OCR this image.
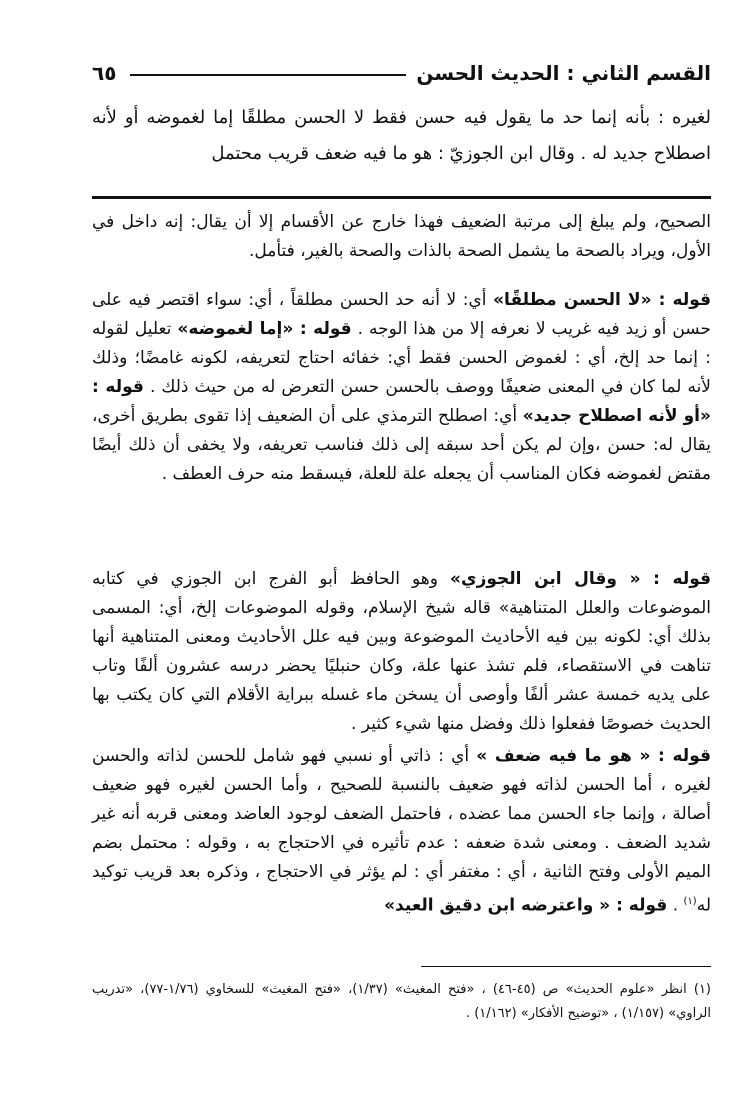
القسم الثاني : الحديث الحسن
٦٥

لغيره : بأنه إنما حد ما يقول فيه حسن فقط لا الحسن مطلقًا إما لغموضه أو لأنه اصطلاح جديد له . وقال ابن الجوزيّ : هو ما فيه ضعف قريب محتمل

الصحيح، ولم يبلغ إلى مرتبة الضعيف فهذا خارج عن الأقسام إلا أن يقال: إنه داخل في الأول، ويراد بالصحة ما يشمل الصحة بالذات والصحة بالغير، فتأمل.

قوله : «لا الحسن مطلقًا» أي: لا أنه حد الحسن مطلقاً ، أي: سواء اقتصر فيه على حسن أو زيد فيه غريب لا نعرفه إلا من هذا الوجه . قوله : «إما لغموضه» تعليل لقوله : إنما حد إلخ، أي : لغموض الحسن فقط أي: خفائه احتاج لتعريفه، لكونه غامضًا؛ وذلك لأنه لما كان في المعنى ضعيفًا ووصف بالحسن حسن التعرض له من حيث ذلك . قوله : «أو لأنه اصطلاح جديد» أي: اصطلح الترمذي على أن الضعيف إذا تقوى بطريق أخرى، يقال له: حسن ،وإن لم يكن أحد سبقه إلى ذلك فناسب تعريفه، ولا يخفى أن ذلك أيضًا مقتض لغموضه فكان المناسب أن يجعله علة للعلة، فيسقط منه حرف العطف .

قوله : « وقال ابن الجوزي» وهو الحافظ أبو الفرج ابن الجوزي في كتابه الموضوعات والعلل المتناهية» قاله شيخ الإسلام، وقوله الموضوعات إلخ، أي: المسمى بذلك أي: لكونه بين فيه الأحاديث الموضوعة وبين فيه علل الأحاديث ومعنى المتناهية أنها تناهت في الاستقصاء، فلم تشذ عنها علة، وكان حنبليًا يحضر درسه عشرون ألفًا وتاب على يديه خمسة عشر ألفًا وأوصى أن يسخن ماء غسله ببراية الأقلام التي كان يكتب بها الحديث خصوصًا ففعلوا ذلك وفضل منها شيء كثير .

قوله : « هو ما فيه ضعف » أي : ذاتي أو نسبي فهو شامل للحسن لذاته والحسن لغيره ، أما الحسن لذاته فهو ضعيف بالنسبة للصحيح ، وأما الحسن لغيره فهو ضعيف أصالة ، وإنما جاء الحسن مما عضده ، فاحتمل الضعف لوجود العاضد ومعنى قربه أنه غير شديد الضعف . ومعنى شدة ضعفه : عدم تأثيره في الاحتجاج به ، وقوله : محتمل بضم الميم الأولى وفتح الثانية ، أي : مغتفر أي : لم يؤثر في الاحتجاج ، وذكره بعد قريب توكيد له$^{(١)}$ . قوله : « واعترضه ابن دقيق العيد»

(١) انظر «علوم الحديث» ص (٤٥-٤٦) ، «فتح المغيث» (١/٣٧)، «فتح المغيث» للسخاوي (١/٧٦-٧٧)، «تدريب الراوي» (١/١٥٧) ، «توضيح الأفكار» (١/١٦٢) .
